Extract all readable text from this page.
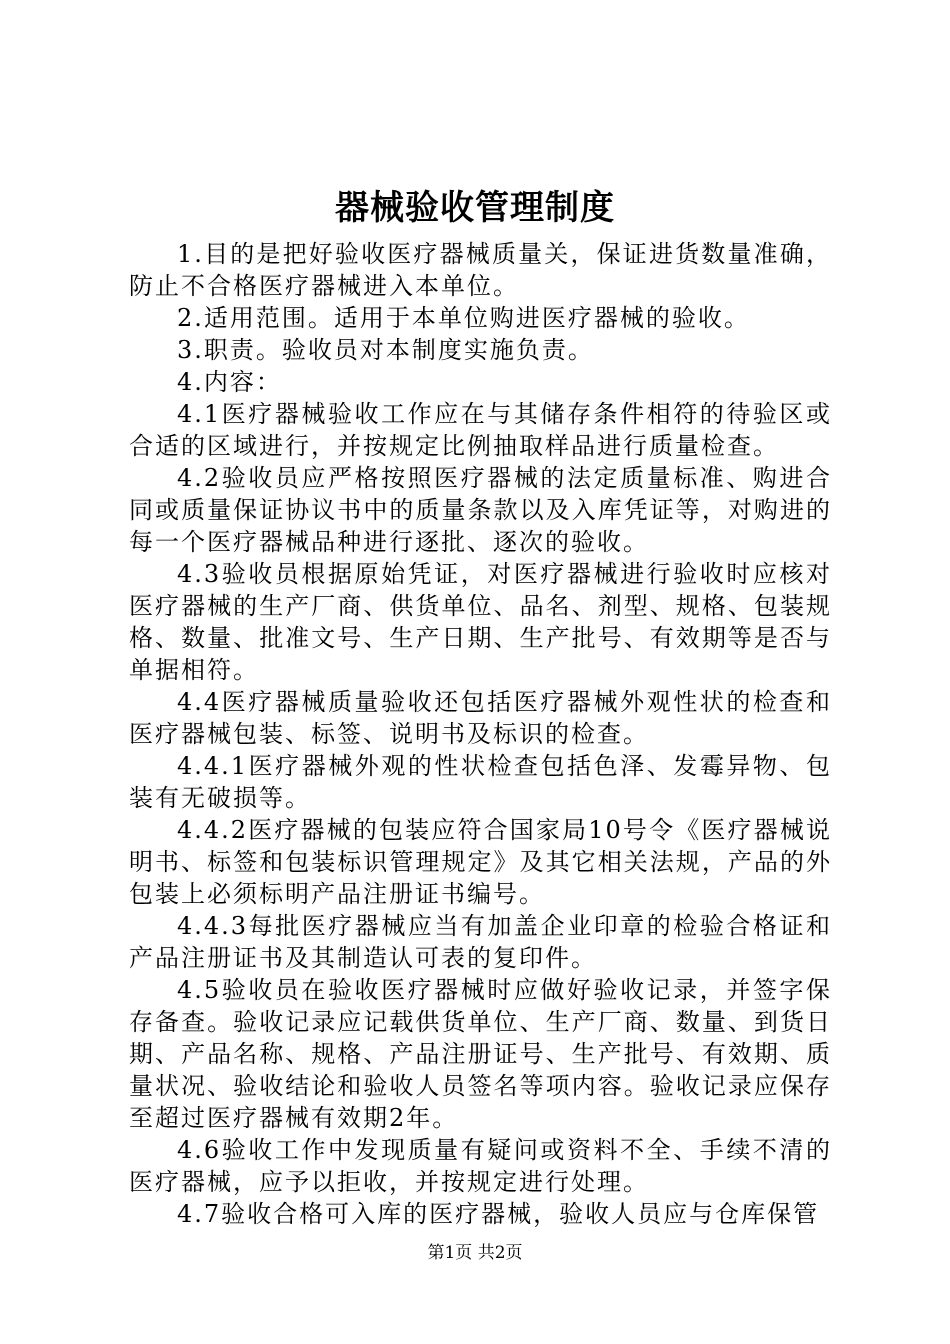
器械验收管理制度

1.目的是把好验收医疗器械质量关，保证进货数量准确，防止不合格医疗器械进入本单位。

2.适用范围。适用于本单位购进医疗器械的验收。

3.职责。验收员对本制度实施负责。

4.内容：

4.1医疗器械验收工作应在与其储存条件相符的待验区或合适的区域进行，并按规定比例抽取样品进行质量检查。

4.2验收员应严格按照医疗器械的法定质量标准、购进合同或质量保证协议书中的质量条款以及入库凭证等，对购进的每一个医疗器械品种进行逐批、逐次的验收。

4.3验收员根据原始凭证，对医疗器械进行验收时应核对医疗器械的生产厂商、供货单位、品名、剂型、规格、包装规格、数量、批准文号、生产日期、生产批号、有效期等是否与单据相符。

4.4医疗器械质量验收还包括医疗器械外观性状的检查和医疗器械包装、标签、说明书及标识的检查。

4.4.1医疗器械外观的性状检查包括色泽、发霉异物、包装有无破损等。

4.4.2医疗器械的包装应符合国家局10号令《医疗器械说明书、标签和包装标识管理规定》及其它相关法规，产品的外包装上必须标明产品注册证书编号。

4.4.3每批医疗器械应当有加盖企业印章的检验合格证和产品注册证书及其制造认可表的复印件。

4.5验收员在验收医疗器械时应做好验收记录，并签字保存备查。验收记录应记载供货单位、生产厂商、数量、到货日期、产品名称、规格、产品注册证号、生产批号、有效期、质量状况、验收结论和验收人员签名等项内容。验收记录应保存至超过医疗器械有效期2年。

4.6验收工作中发现质量有疑问或资料不全、手续不清的医疗器械，应予以拒收，并按规定进行处理。

4.7验收合格可入库的医疗器械，验收人员应与仓库保管

第1页 共2页
